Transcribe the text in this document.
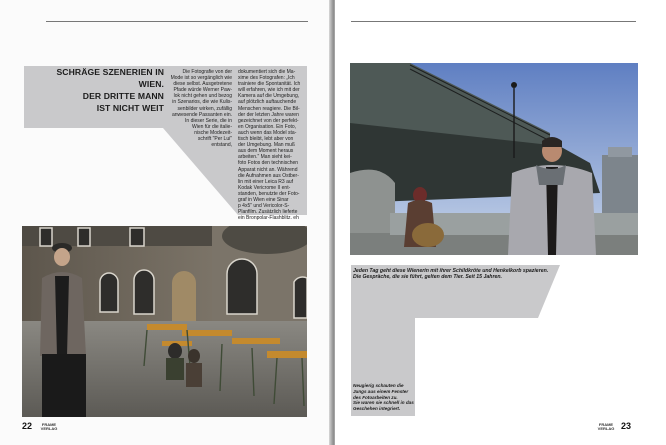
SCHRÄGE SZENERIEN IN WIEN.
DER DRITTE MANN
IST NICHT WEIT
Die Fotografie von der
Mode ist so vergänglich wie
diese selbst. Ausgetretene
Pfade würde Werner Paw-
lok nicht gehen und bezog
in Szenarios, die wie Kulis-
senbilder wirken, zufällig
anwesende Passanten ein.
In dieser Serie, die in
Wien für die italie-
nische Modezeit-
schrift "Per Lui"
entstand,
dokumentiert sich die Ma-
xime des Fotografen: „Ich
trainiere die Spontanität. Ich
will erfahren, wie ich mit der
Kamera auf die Umgebung,
auf plötzlich auftauchende
Menschen reagiere. Die Bil-
der der letzten Jahre waren
gezeichnet von der perfekt-
en Organisation. Ein Foto,
auch wenn das Model sta-
tisch bleibt, lebt aber von
der Umgebung. Man muß
aus dem Moment heraus
arbeiten." Man sieht kei-
foto Fotos den technischen
Apparat nicht an. Während
die Aufnahmen aus Ostber-
lin mit einer Leica R3 auf
Kodak Vericrome II ent-
standen, benutzte der Foto-
graf in Wien eine Sinar
p 4x5" und Vericolor-S-
Planfilm. Zusätzlich lieferte
ein Bronpolar-Flashblitz. eh
22	FRAME
VERLAG
Jeden Tag geht diese Wienerin mit ihrer Schildkröte und Henkelkorb spazieren.
Die Gespräche, die sie führt, gelten dem Tier. Seit 15 Jahren.
Neugierig schauten die
Jungs aus einem Fenster
des Fotoarbeiten zu.
Sie waren sie schnell in das
Geschehen integriert.
FRAME
VERLAG 23
